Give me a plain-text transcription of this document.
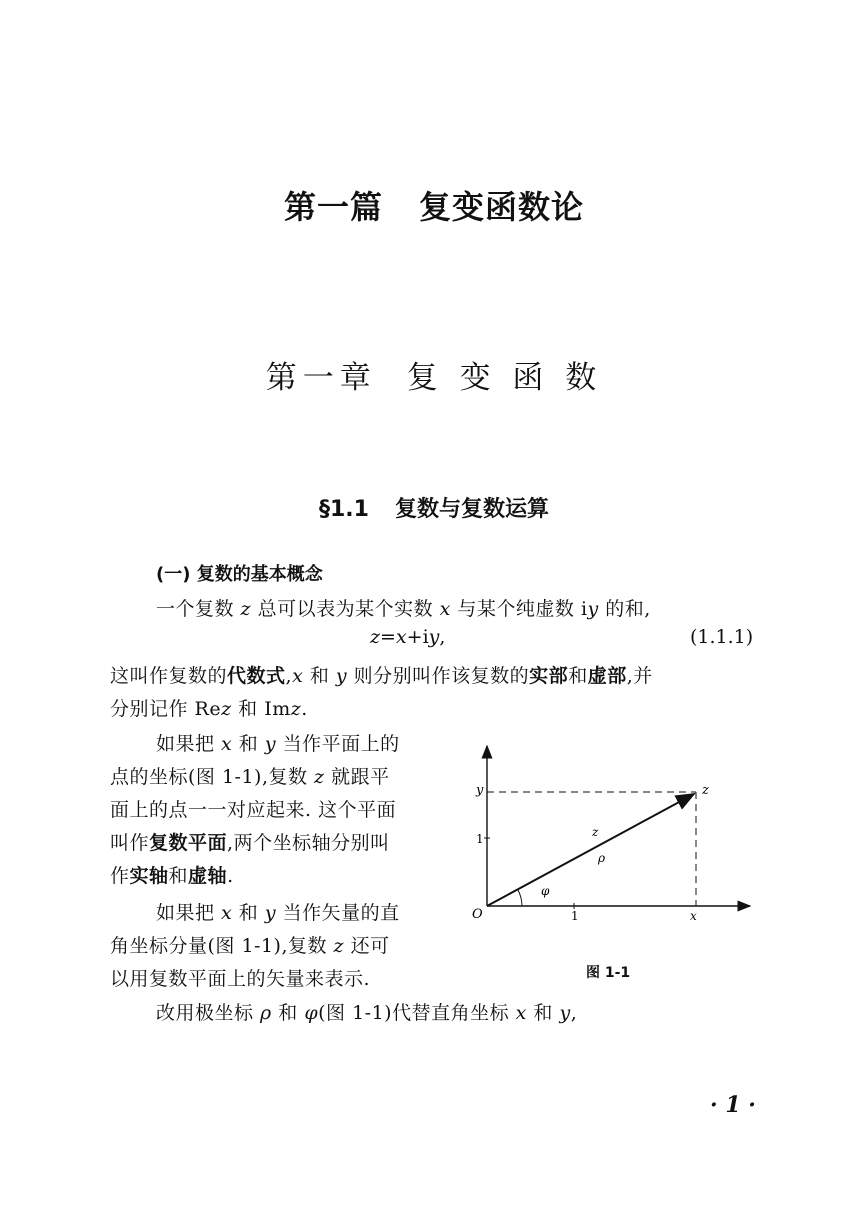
第一篇 复变函数论
第一章 复 变 函 数
§1.1 复数与复数运算
(一) 复数的基本概念
一个复数 z 总可以表为某个实数 x 与某个纯虚数 iy 的和,
z=x+iy,	(1.1.1)
这叫作复数的代数式,x 和 y 则分别叫作该复数的实部和虚部,并
分别记作 Rez 和 Imz.
如果把 x 和 y 当作平面上的
点的坐标(图 1-1),复数 z 就跟平
面上的点一一对应起来. 这个平面
叫作复数平面,两个坐标轴分别叫
作实轴和虚轴.
如果把 x 和 y 当作矢量的直
角坐标分量(图 1-1),复数 z 还可
以用复数平面上的矢量来表示.
y
1
z
z
ρ
φ
O	1	x
图 1-1
改用极坐标 ρ 和 φ(图 1-1)代替直角坐标 x 和 y,
· 1 ·
